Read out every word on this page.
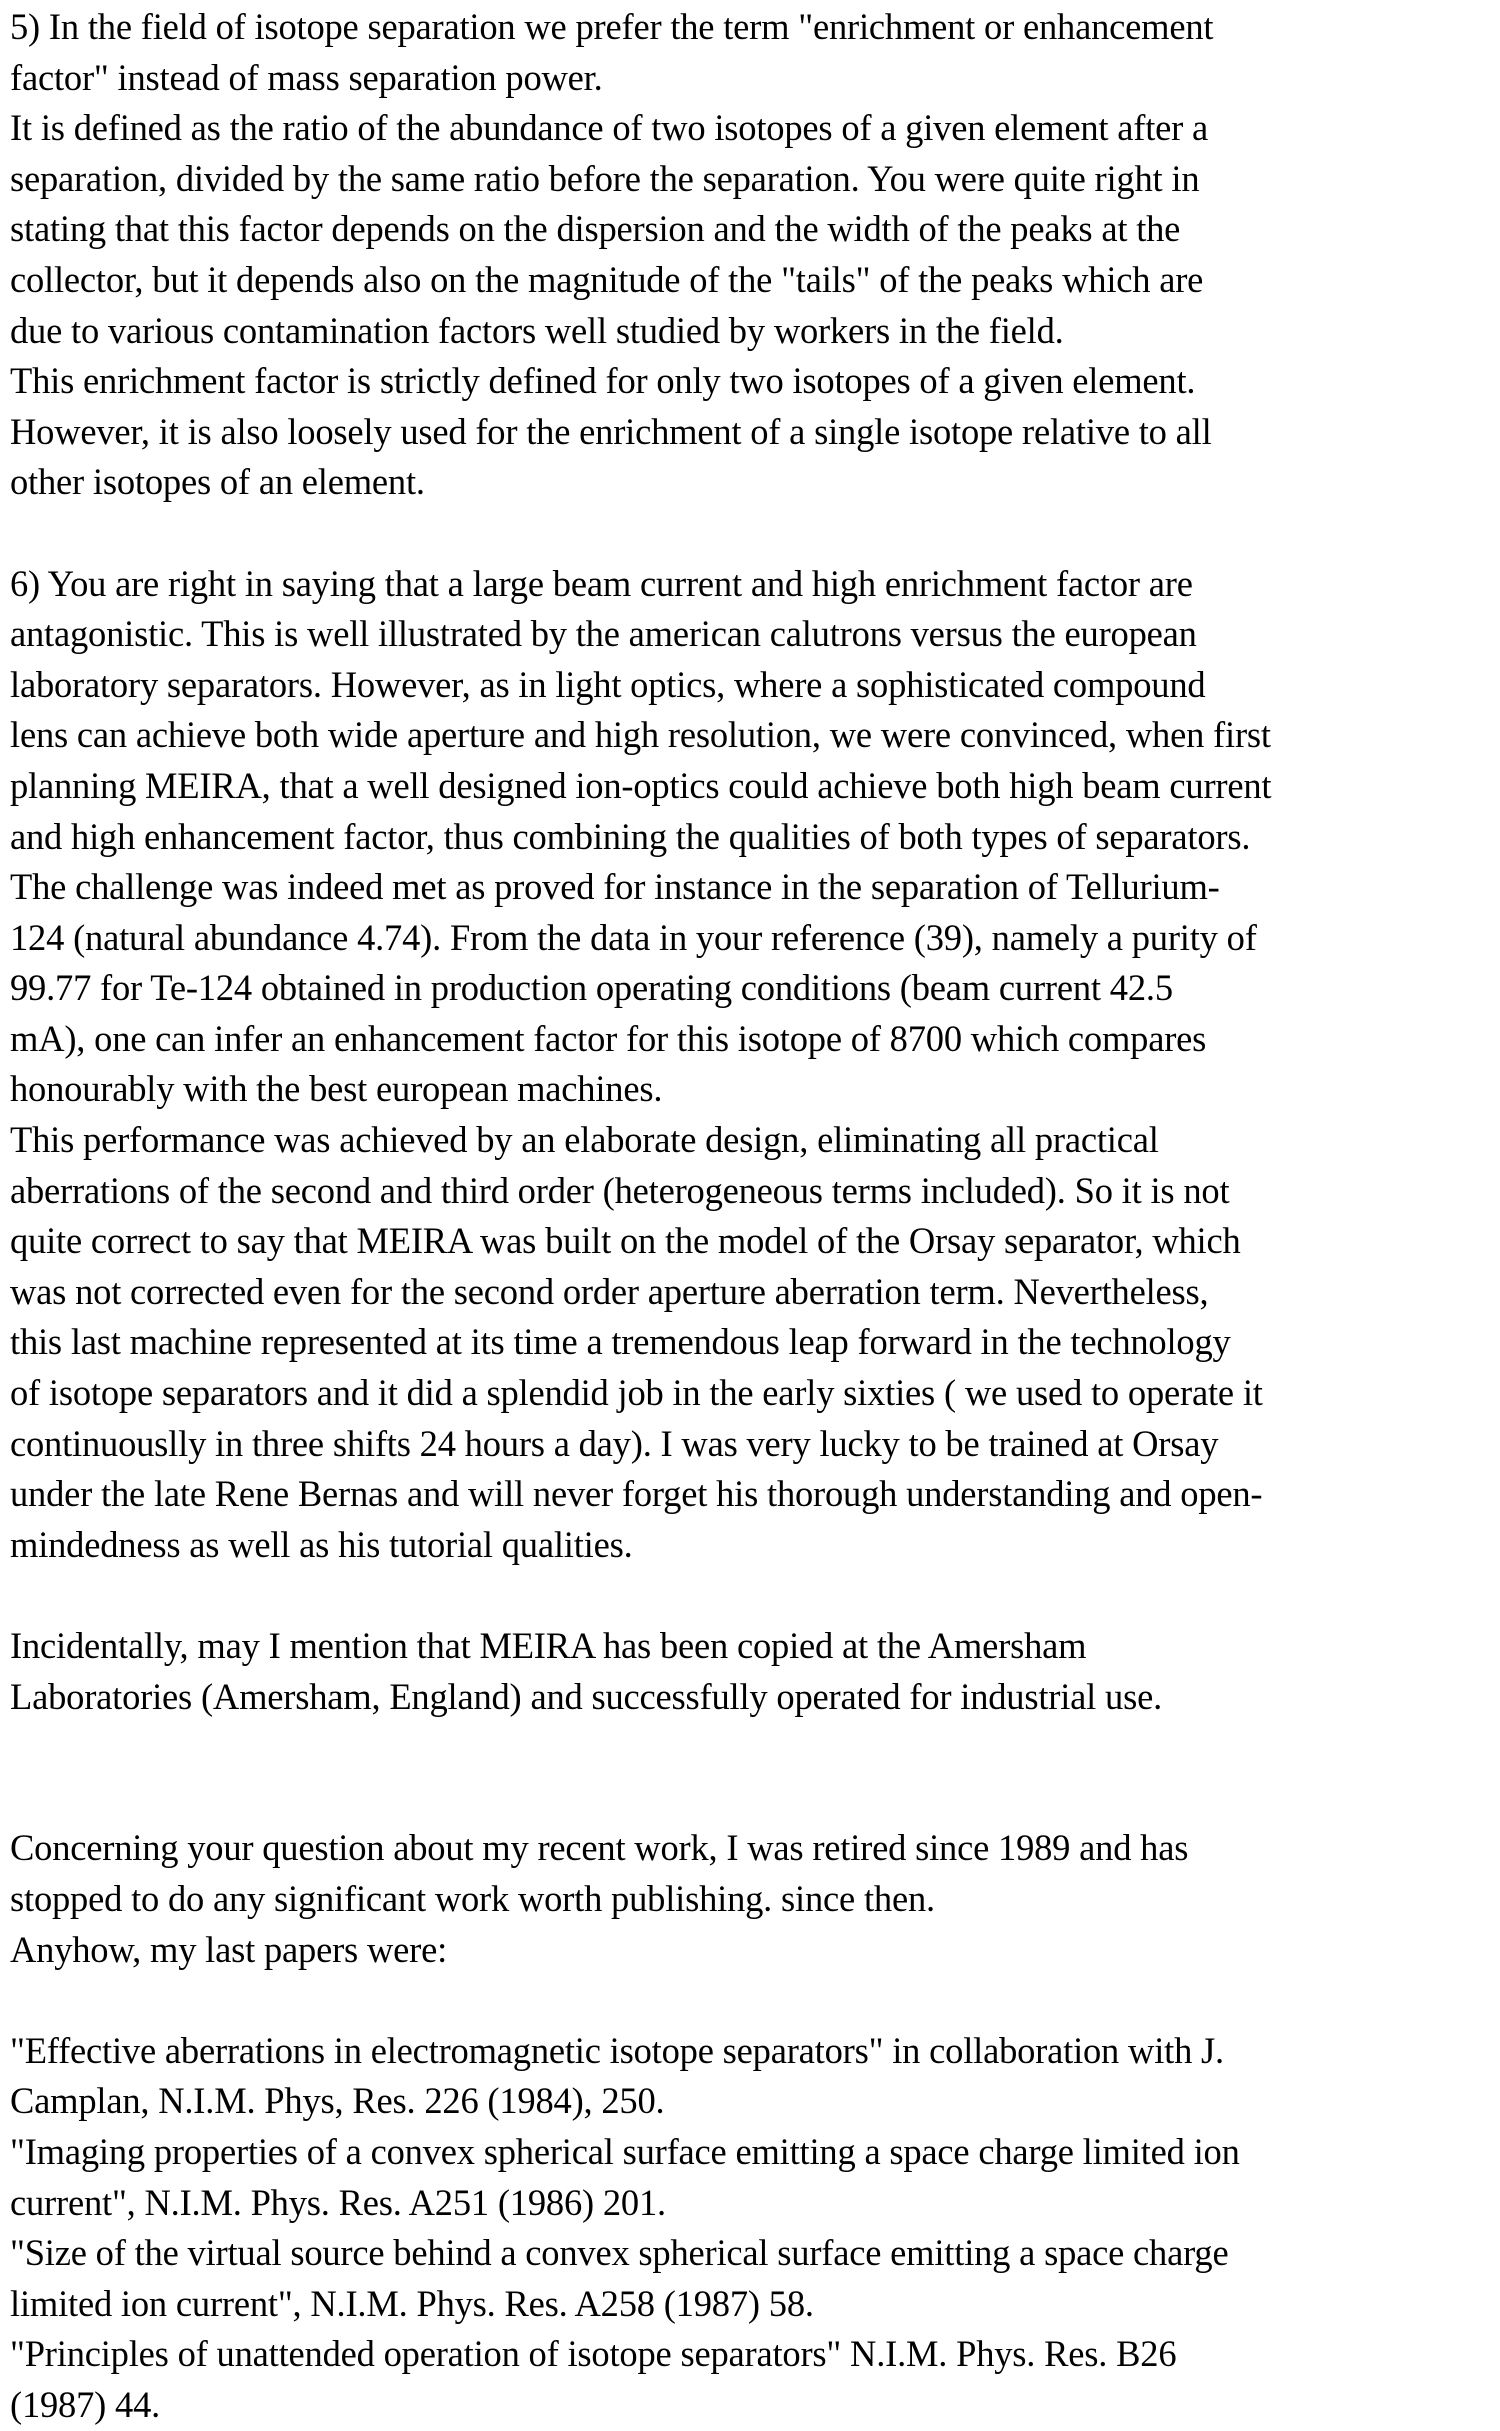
5) In the field of isotope separation we prefer the term "enrichment or enhancement
factor" instead of mass separation power.
It is defined as the ratio of the abundance of two isotopes of a given element after a
separation, divided by the same ratio before the separation. You were quite right in
stating that this factor depends on the dispersion and the width of the peaks at the
collector, but it depends also on the magnitude of the "tails" of the peaks which are
due to various contamination factors well studied by workers in the field.
This enrichment factor is strictly defined for only two isotopes of a given element.
However, it is also loosely used for the enrichment of a single isotope relative to all
other isotopes of an element.
6) You are right in saying that a large beam current and high enrichment factor are
antagonistic. This is well illustrated by the american calutrons versus the european
laboratory separators. However, as in light optics, where a sophisticated compound
lens can achieve both wide aperture and high resolution, we were convinced, when first
planning MEIRA, that a well designed ion-optics could achieve both high beam current
and high enhancement factor, thus combining the qualities of both types of separators.
The challenge was indeed met as proved for instance in the separation of Tellurium-
124 (natural abundance 4.74). From the data in your reference (39), namely a purity of
99.77 for Te-124 obtained in production operating conditions (beam current 42.5
mA), one can infer an enhancement factor for this isotope of 8700 which compares
honourably with the best european machines.
This performance was achieved by an elaborate design, eliminating all practical
aberrations of the second and third order (heterogeneous terms included). So it is not
quite correct to say that MEIRA was built on the model of the Orsay separator, which
was not corrected even for the second order aperture aberration term. Nevertheless,
this last machine represented at its time a tremendous leap forward in the technology
of isotope separators and it did a splendid job in the early sixties ( we used to operate it
continuouslly in three shifts 24 hours a day). I was very lucky to be trained at Orsay
under the late Rene Bernas and will never forget his thorough understanding and open-
mindedness as well as his tutorial qualities.
Incidentally, may I mention that MEIRA has been copied at the Amersham
Laboratories (Amersham, England) and successfully operated for industrial use.
Concerning your question about my recent work, I was retired since 1989 and has
stopped to do any significant work worth publishing. since then.
Anyhow, my last papers were:
"Effective aberrations in electromagnetic isotope separators" in collaboration with J.
Camplan, N.I.M. Phys, Res. 226 (1984), 250.
"Imaging properties of a convex spherical surface emitting a space charge limited ion
current", N.I.M. Phys. Res. A251 (1986) 201.
"Size of the virtual source behind a convex spherical surface emitting a space charge
limited ion current", N.I.M. Phys. Res. A258 (1987) 58.
"Principles of unattended operation of isotope separators" N.I.M. Phys. Res. B26
(1987) 44.
